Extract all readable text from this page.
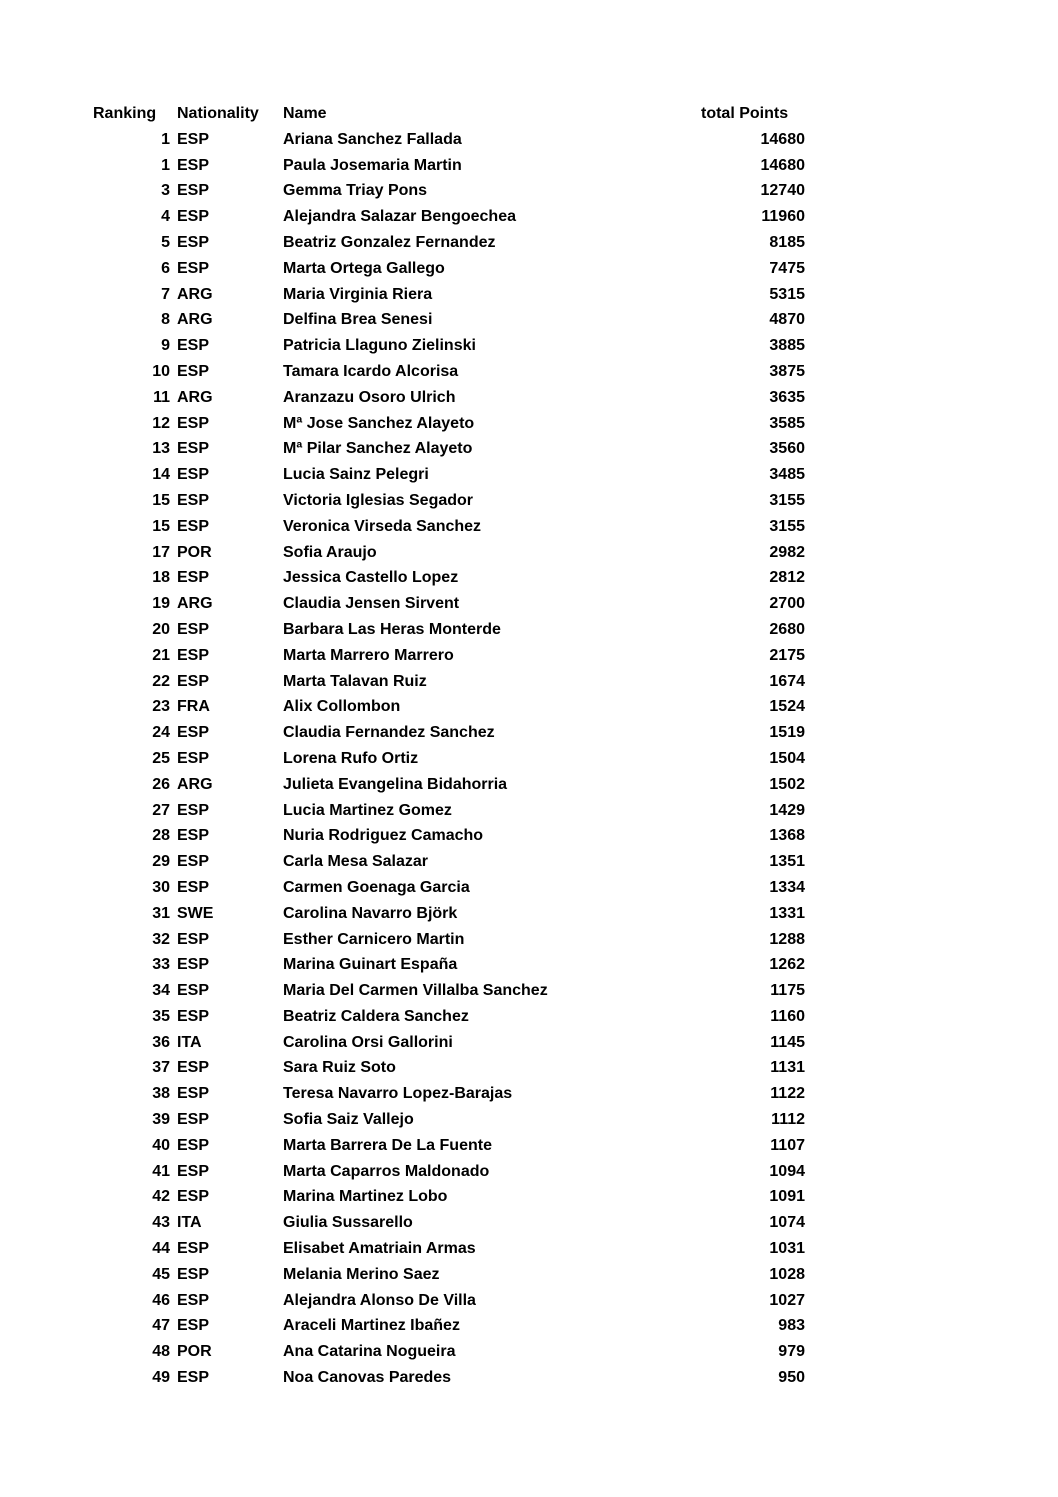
Ranking	Nationality	Name	total Points
1 ESP	Ariana Sanchez Fallada	14680
1 ESP	Paula Josemaria Martin	14680
3 ESP	Gemma Triay Pons	12740
4 ESP	Alejandra Salazar Bengoechea	11960
5 ESP	Beatriz Gonzalez Fernandez	8185
6 ESP	Marta Ortega Gallego	7475
7 ARG	Maria Virginia Riera	5315
8 ARG	Delfina Brea Senesi	4870
9 ESP	Patricia Llaguno Zielinski	3885
10 ESP	Tamara Icardo Alcorisa	3875
11 ARG	Aranzazu Osoro Ulrich	3635
12 ESP	Mª Jose Sanchez Alayeto	3585
13 ESP	Mª Pilar Sanchez Alayeto	3560
14 ESP	Lucia Sainz Pelegri	3485
15 ESP	Victoria Iglesias Segador	3155
15 ESP	Veronica Virseda Sanchez	3155
17 POR	Sofia Araujo	2982
18 ESP	Jessica Castello Lopez	2812
19 ARG	Claudia Jensen Sirvent	2700
20 ESP	Barbara Las Heras Monterde	2680
21 ESP	Marta Marrero Marrero	2175
22 ESP	Marta Talavan Ruiz	1674
23 FRA	Alix Collombon	1524
24 ESP	Claudia Fernandez Sanchez	1519
25 ESP	Lorena Rufo Ortiz	1504
26 ARG	Julieta Evangelina Bidahorria	1502
27 ESP	Lucia Martinez Gomez	1429
28 ESP	Nuria Rodriguez Camacho	1368
29 ESP	Carla Mesa Salazar	1351
30 ESP	Carmen Goenaga Garcia	1334
31 SWE	Carolina Navarro Björk	1331
32 ESP	Esther Carnicero Martin	1288
33 ESP	Marina Guinart España	1262
34 ESP	Maria Del Carmen Villalba Sanchez	1175
35 ESP	Beatriz Caldera Sanchez	1160
36 ITA	Carolina Orsi Gallorini	1145
37 ESP	Sara Ruiz Soto	1131
38 ESP	Teresa Navarro Lopez-Barajas	1122
39 ESP	Sofia Saiz Vallejo	1112
40 ESP	Marta Barrera De La Fuente	1107
41 ESP	Marta Caparros Maldonado	1094
42 ESP	Marina Martinez Lobo	1091
43 ITA	Giulia Sussarello	1074
44 ESP	Elisabet Amatriain Armas	1031
45 ESP	Melania Merino Saez	1028
46 ESP	Alejandra Alonso De Villa	1027
47 ESP	Araceli Martinez Ibañez	983
48 POR	Ana Catarina Nogueira	979
49 ESP	Noa Canovas Paredes	950
